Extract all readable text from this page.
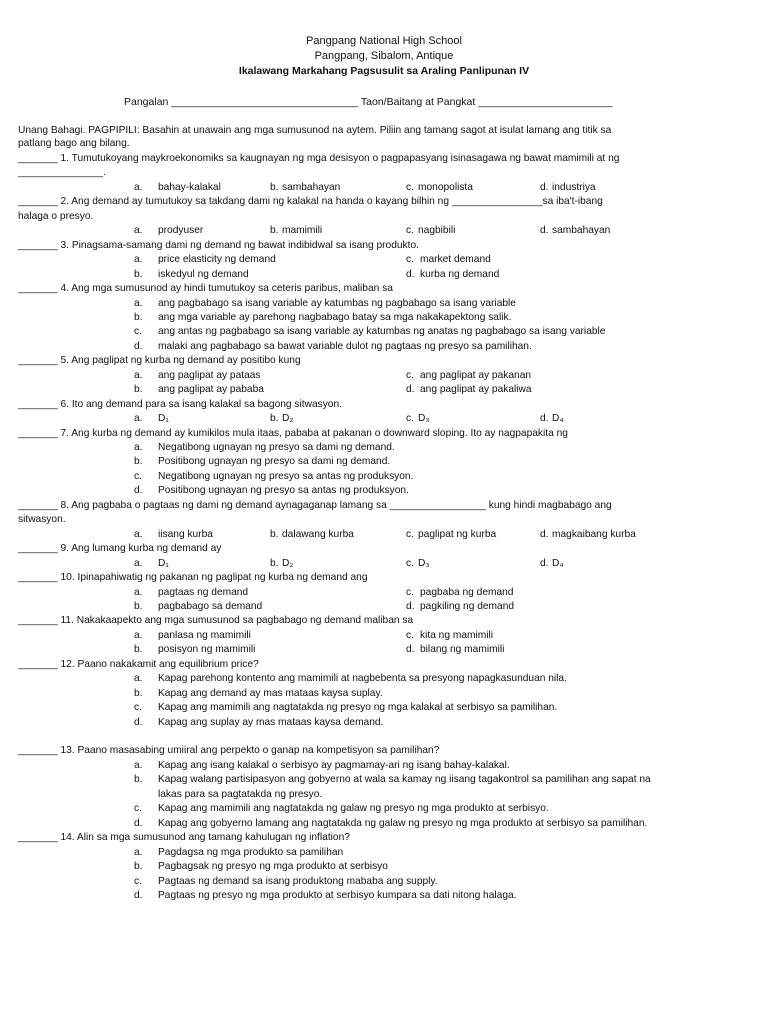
Pangpang National High School
Pangpang, Sibalom, Antique
Ikalawang Markahang Pagsusulit sa Araling Panlipunan IV
Pangalan ________________________________ Taon/Baitang at Pangkat _______________________
Unang Bahagi. PAGPIPILI: Basahin at unawain ang mga sumusunod na aytem. Piliin ang tamang sagot at isulat lamang ang titik sa
patlang bago ang bilang.
_______ 1. Tumutukoyang maykroekonomiks sa kaugnayan ng mga desisyon o pagpapasyang isinasagawa ng bawat mamimili at ng
_______________.
a. bahay-kalakal	b. sambahayan	c. monopolista	d. industriya
_______ 2. Ang demand ay tumutukoy sa takdang dami ng kalakal na handa o kayang bilhin ng ________________sa iba't-ibang
halaga o presyo.
a. prodyuser	b. mamimili	c. nagbibili	d. sambahayan
_______ 3. Pinagsama-samang dami ng demand ng bawat indibidwal sa isang produkto.
a. price elasticity ng demand	c. market demand
b. iskedyul ng demand	d. kurba ng demand
_______ 4. Ang mga sumusunod ay hindi tumutukoy sa ceteris paribus, maliban sa
a. ang pagbabago sa isang variable ay katumbas ng pagbabago sa isang variable
b. ang mga variable ay parehong nagbabago batay sa mga nakakapektong salik.
c. ang antas ng pagbabago sa isang variable ay katumbas ng anatas ng pagbabago sa isang variable
d. malaki ang pagbabago sa bawat variable dulot ng pagtaas ng presyo sa pamilihan.
_______ 5. Ang paglipat ng kurba ng demand ay positibo kung
a. ang paglipat ay pataas	c. ang paglipat ay pakanan
b. ang paglipat ay pababa	d. ang paglipat ay pakaliwa
_______ 6. Ito ang demand para sa isang kalakal sa bagong sitwasyon.
a. D₁	b. D₂	c. D₃	d. D₄
_______ 7. Ang kurba ng demand ay kumikilos mula itaas, pababa at pakanan o downward sloping. Ito ay nagpapakita ng
a. Negatibong ugnayan ng presyo sa dami ng demand.
b. Positibong ugnayan ng presyo sa dami ng demand.
c. Negatibong ugnayan ng presyo sa antas ng produksyon.
d. Positibong ugnayan ng presyo sa antas ng produksyon.
_______ 8. Ang pagbaba o pagtaas ng dami ng demand aynagaganap lamang sa _________________ kung hindi magbabago ang
sitwasyon.
a. iisang kurba	b. dalawang kurba	c. paglipat ng kurba	d. magkaibang kurba
_______ 9. Ang lumang kurba ng demand ay
a. D₁	b. D₂	c. D₃	d. D₄
_______ 10. Ipinapahiwatig ng pakanan ng paglipat ng kurba ng demand ang
a. pagtaas ng demand	c. pagbaba ng demand
b. pagbabago sa demand	d. pagkiling ng demand
_______ 11. Nakakaapekto ang mga sumusunod sa pagbabago ng demand maliban sa
a. panlasa ng mamimili	c. kita ng mamimili
b. posisyon ng mamimili	d. bilang ng mamimili
_______ 12. Paano nakakamit ang equilibrium price?
a. Kapag parehong kontento ang mamimili at nagbebenta sa presyong napagkasunduan nila.
b. Kapag ang demand ay mas mataas kaysa suplay.
c. Kapag ang mamimili ang nagtatakda ng presyo ng mga kalakal at serbisyo sa pamilihan.
d. Kapag ang suplay ay mas mataas kaysa demand.
_______ 13. Paano masasabing umiiral ang perpekto o ganap na kompetisyon sa pamilihan?
a. Kapag ang isang kalakal o serbisyo ay pagmamay-ari ng isang bahay-kalakal.
b. Kapag walang partisipasyon ang gobyerno at wala sa kamay ng iisang tagakontrol sa pamilihan ang sapat na
lakas para sa pagtatakda ng presyo.
c. Kapag ang mamimili ang nagtatakda ng galaw ng presyo ng mga produkto at serbisyo.
d. Kapag ang gobyerno lamang ang nagtatakda ng galaw ng presyo ng mga produkto at serbisyo sa pamilihan.
_______ 14. Alin sa mga sumusunod ang tamang kahulugan ng inflation?
a. Pagdagsa ng mga produkto sa pamilihan
b. Pagbagsak ng presyo ng mga produkto at serbisyo
c. Pagtaas ng demand sa isang produktong mababa ang supply.
d. Pagtaas ng presyo ng mga produkto at serbisyo kumpara sa dati nitong halaga.
